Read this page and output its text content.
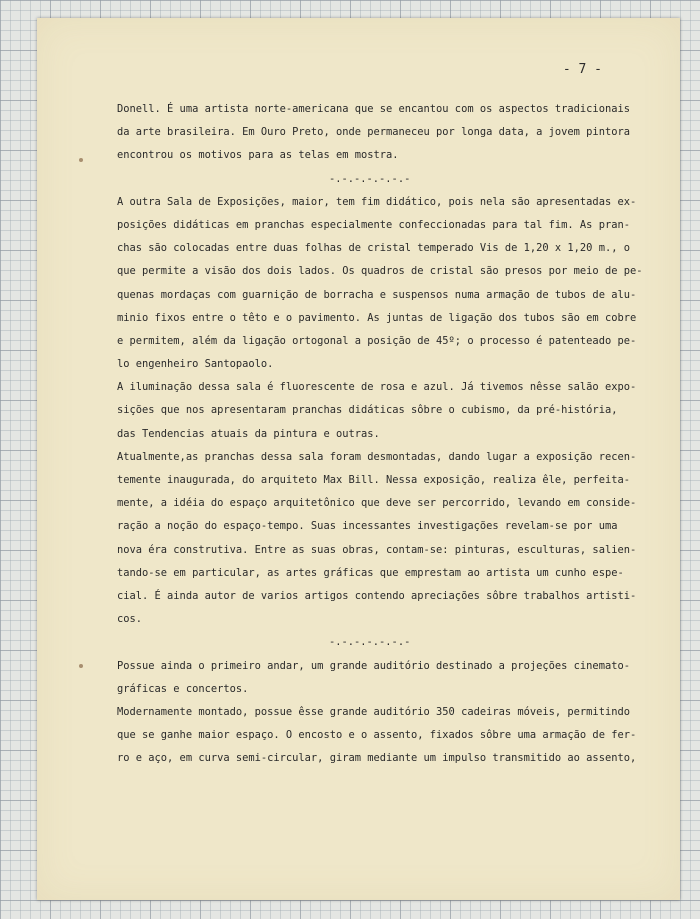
- 7 -
Donell. É uma artista norte-americana que se encantou com os aspectos tradicionais
da arte brasileira. Em Ouro Preto, onde permaneceu por longa data, a jovem pintora
encontrou os motivos para as telas em mostra.
-.-.-.-.-.-.-
A outra Sala de Exposições, maior, tem fim didático, pois nela são apresentadas ex-
posições didáticas em pranchas especialmente confeccionadas para tal fim. As pran-
chas são colocadas entre duas folhas de cristal temperado Vis de 1,20 x 1,20 m., o
que permite a visão dos dois lados. Os quadros de cristal são presos por meio de pe-
quenas mordaças com guarnição de borracha e suspensos numa armação de tubos de alu-
minio fixos entre o têto e o pavimento. As juntas de ligação dos tubos são em cobre
e permitem, além da ligação ortogonal a posição de 45º; o processo é patenteado pe-
lo engenheiro Santopaolo.
A iluminação dessa sala é fluorescente de rosa e azul. Já tivemos nêsse salão expo-
sições que nos apresentaram pranchas didáticas sôbre o cubismo, da pré-história,
das Tendencias atuais da pintura e outras.
Atualmente,as pranchas dessa sala foram desmontadas, dando lugar a exposição recen-
temente inaugurada, do arquiteto Max Bill. Nessa exposição, realiza êle, perfeita-
mente, a idéia do espaço arquitetônico que deve ser percorrido, levando em conside-
ração a noção do espaço-tempo. Suas incessantes investigações revelam-se por uma
nova éra construtiva. Entre as suas obras, contam-se: pinturas, esculturas, salien-
tando-se em particular, as artes gráficas que emprestam ao artista um cunho espe-
cial. É ainda autor de varios artigos contendo apreciações sôbre trabalhos artisti-
cos.
-.-.-.-.-.-.-
Possue ainda o primeiro andar, um grande auditório destinado a projeções cinemato-
gráficas e concertos.
Modernamente montado, possue êsse grande auditório 350 cadeiras móveis, permitindo
que se ganhe maior espaço. O encosto e o assento, fixados sôbre uma armação de fer-
ro e aço, em curva semi-circular, giram mediante um impulso transmitido ao assento,
